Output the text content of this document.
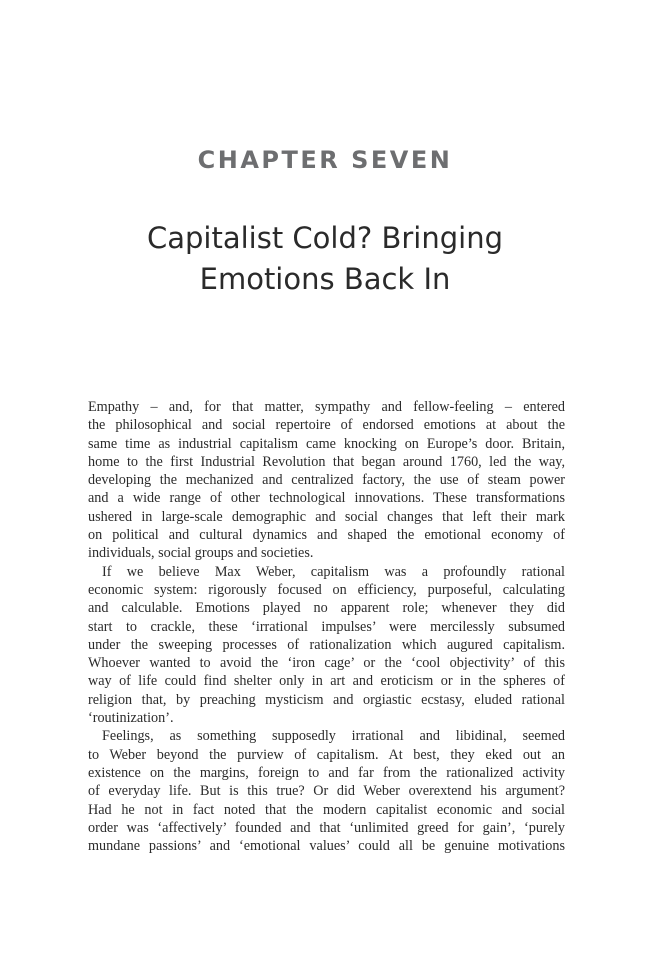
CHAPTER SEVEN
Capitalist Cold? Bringing
Emotions Back In
Empathy – and, for that matter, sympathy and fellow-feeling – entered
the philosophical and social repertoire of endorsed emotions at about the
same time as industrial capitalism came knocking on Europe’s door. Britain,
home to the first Industrial Revolution that began around 1760, led the way,
developing the mechanized and centralized factory, the use of steam power
and a wide range of other technological innovations. These transformations
ushered in large-scale demographic and social changes that left their mark
on political and cultural dynamics and shaped the emotional economy of
individuals, social groups and societies.
If we believe Max Weber, capitalism was a profoundly rational
economic system: rigorously focused on efficiency, purposeful, calculating
and calculable. Emotions played no apparent role; whenever they did
start to crackle, these ‘irrational impulses’ were mercilessly subsumed
under the sweeping processes of rationalization which augured capitalism.
Whoever wanted to avoid the ‘iron cage’ or the ‘cool objectivity’ of this
way of life could find shelter only in art and eroticism or in the spheres of
religion that, by preaching mysticism and orgiastic ecstasy, eluded rational
‘routinization’.
Feelings, as something supposedly irrational and libidinal, seemed
to Weber beyond the purview of capitalism. At best, they eked out an
existence on the margins, foreign to and far from the rationalized activity
of everyday life. But is this true? Or did Weber overextend his argument?
Had he not in fact noted that the modern capitalist economic and social
order was ‘affectively’ founded and that ‘unlimited greed for gain’, ‘purely
mundane passions’ and ‘emotional values’ could all be genuine motivations
